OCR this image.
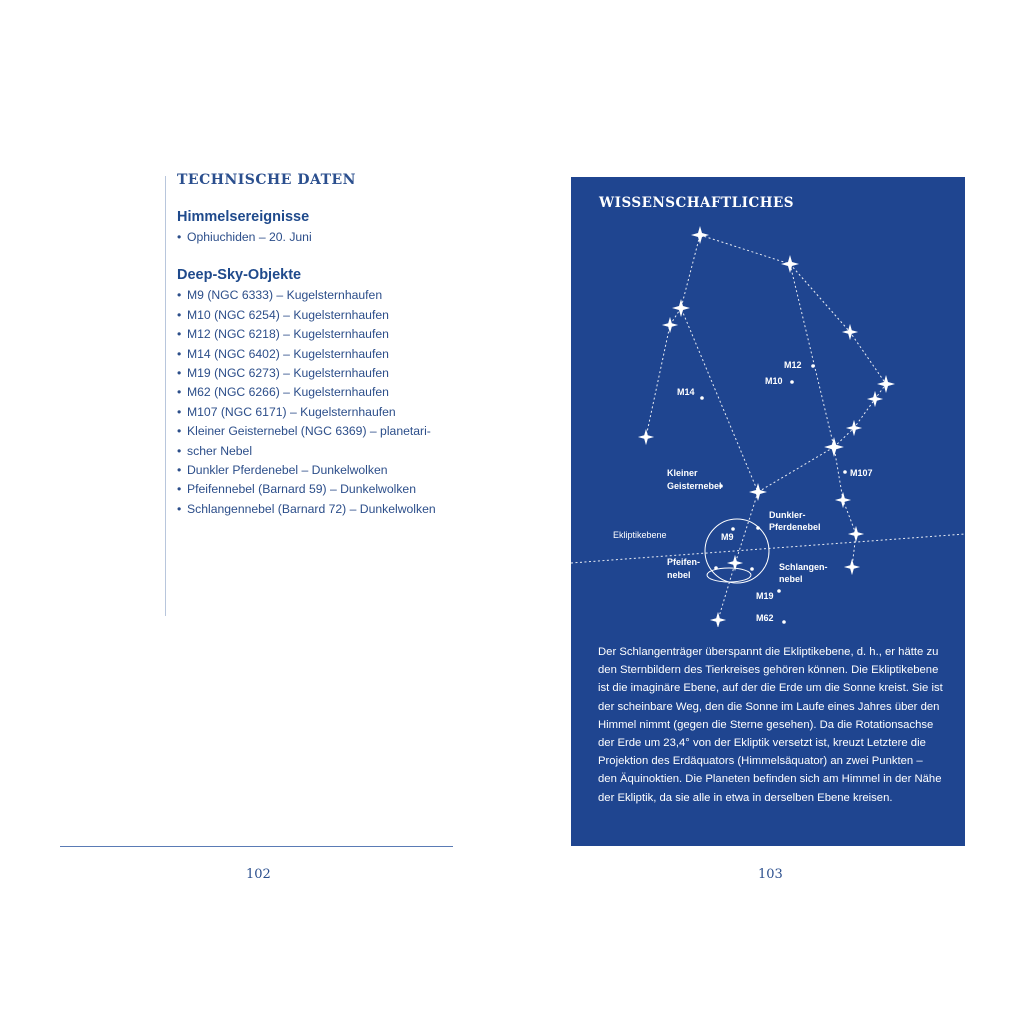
TECHNISCHE DATEN
Himmelsereignisse
• Ophiuchiden – 20. Juni
Deep-Sky-Objekte
• M9 (NGC 6333) – Kugelsternhaufen
• M10 (NGC 6254) – Kugelsternhaufen
• M12 (NGC 6218) – Kugelsternhaufen
• M14 (NGC 6402) – Kugelsternhaufen
• M19 (NGC 6273) – Kugelsternhaufen
• M62 (NGC 6266) – Kugelsternhaufen
• M107 (NGC 6171) – Kugelsternhaufen
• Kleiner Geisternebel (NGC 6369) – planetari-
• scher Nebel
• Dunkler Pferdenebel – Dunkelwolken
• Pfeifennebel (Barnard 59) – Dunkelwolken
• Schlangennebel (Barnard 72) – Dunkelwolken
102
WISSENSCHAFTLICHES
M12
M10
M14
M107
Kleiner
Geisternebel
Dunkler-
Pferdenebel
Ekliptikebene	M9
Pfeifen-
nebel
Schlangen-
nebel
M19
M62

Der Schlangenträger überspannt die Ekliptikebene, d. h., er hätte zu den Sternbildern des Tierkreises gehören können. Die Ekliptikebene ist die imaginäre Ebene, auf der die Erde um die Sonne kreist. Sie ist der scheinbare Weg, den die Sonne im Laufe eines Jahres über den Himmel nimmt (gegen die Sterne gesehen). Da die Rotationsachse der Erde um 23,4° von der Ekliptik versetzt ist, kreuzt Letztere die Projektion des Erdäquators (Himmelsäquator) an zwei Punkten – den Äquinoktien. Die Planeten befinden sich am Himmel in der Nähe der Ekliptik, da sie alle in etwa in derselben Ebene kreisen.

103
